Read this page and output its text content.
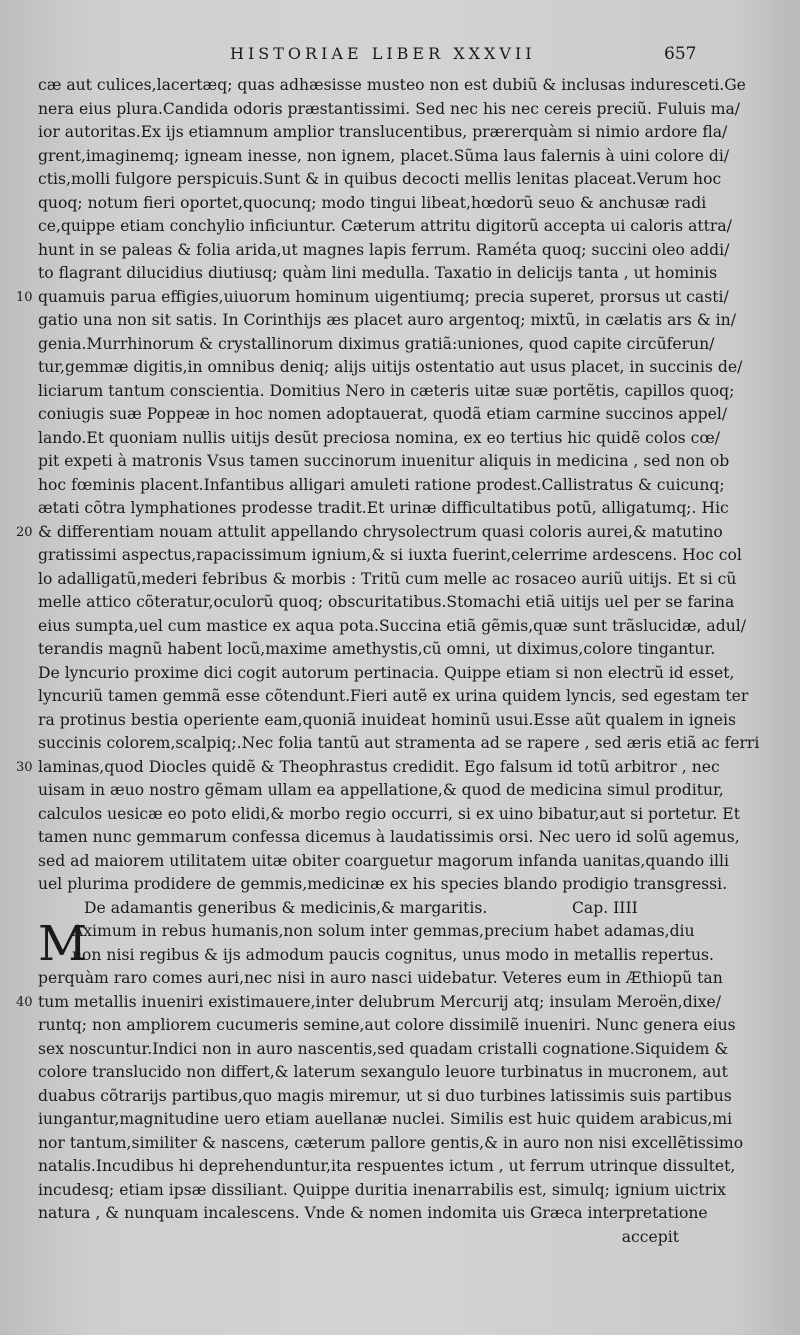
HISTORIAE LIBER XXXVII	657
cæ aut culices,lacertæq; quas adhæsisse musteo non est dubiũ & inclusas induresceti.Ge
nera eius plura.Candida odoris præstantissimi. Sed nec his nec cereis preciũ. Fuluis ma/
ior autoritas.Ex ijs etiamnum amplior translucentibus, prærerquàm si nimio ardore fla/
grent,imaginemq; igneam inesse, non ignem, placet.Sũma laus falernis à uini colore di/
ctis,molli fulgore perspicuis.Sunt & in quibus decocti mellis lenitas placeat.Verum hoc
quoq; notum fieri oportet,quocunq; modo tingui libeat,hœdorũ seuo & anchusæ radi
ce,quippe etiam conchylio inficiuntur. Cæterum attritu digitorũ accepta ui caloris attra/
hunt in se paleas & folia arida,ut magnes lapis ferrum. Raméta quoq; succini oleo addi/
to flagrant dilucidius diutiusq; quàm lini medulla. Taxatio in delicijs tanta , ut hominis
quamuis parua effigies,uiuorum hominum uigentiumq; precia superet, prorsus ut casti/
10
gatio una non sit satis. In Corinthijs æs placet auro argentoq; mixtũ, in cælatis ars & in/
genia.Murrhinorum & crystallinorum diximus gratiã:uniones, quod capite circũferun/
tur,gemmæ digitis,in omnibus deniq; alijs uitijs ostentatio aut usus placet, in succinis de/
liciarum tantum conscientia. Domitius Nero in cæteris uitæ suæ portẽtis, capillos quoq;
coniugis suæ Poppeæ in hoc nomen adoptauerat, quodã etiam carmine succinos appel/
lando.Et quoniam nullis uitijs desũt preciosa nomina, ex eo tertius hic quidẽ colos cœ/
pit expeti à matronis Vsus tamen succinorum inuenitur aliquis in medicina , sed non ob
hoc fœminis placent.Infantibus alligari amuleti ratione prodest.Callistratus & cuicunq;
ætati cõtra lymphationes prodesse tradit.Et urinæ difficultatibus potũ, alligatumq;. Hic
& differentiam nouam attulit appellando chrysolectrum quasi coloris aurei,& matutino
20
gratissimi aspectus,rapacissimum ignium,& si iuxta fuerint,celerrime ardescens. Hoc col
lo adalligatũ,mederi febribus & morbis : Tritũ cum melle ac rosaceo auriũ uitijs. Et si cũ
melle attico cõteratur,oculorũ quoq; obscuritatibus.Stomachi etiã uitijs uel per se farina
eius sumpta,uel cum mastice ex aqua pota.Succina etiã gẽmis,quæ sunt trãslucidæ, adul/
terandis magnũ habent locũ,maxime amethystis,cũ omni, ut diximus,colore tingantur.
De lyncurio proxime dici cogit autorum pertinacia. Quippe etiam si non electrũ id esset,
lyncuriũ tamen gemmã esse cõtendunt.Fieri autẽ ex urina quidem lyncis, sed egestam ter
ra protinus bestia operiente eam,quoniã inuideat hominũ usui.Esse aũt qualem in igneis
succinis colorem,scalpiq;.Nec folia tantũ aut stramenta ad se rapere , sed æris etiã ac ferri
laminas,quod Diocles quidẽ & Theophrastus credidit. Ego falsum id totũ arbitror , nec
30
uisam in æuo nostro gẽmam ullam ea appellatione,& quod de medicina simul proditur,
calculos uesicæ eo poto elidi,& morbo regio occurri, si ex uino bibatur,aut si portetur. Et
tamen nunc gemmarum confessa dicemus à laudatissimis orsi. Nec uero id solũ agemus,
sed ad maiorem utilitatem uitæ obiter coarguetur magorum infanda uanitas,quando illi
uel plurima prodidere de gemmis,medicinæ ex his species blando prodigio transgressi.
De adamantis generibus & medicinis,& margaritis.	Cap. IIII
M
Aximum in rebus humanis,non solum inter gemmas,precium habet adamas,diu
non nisi regibus & ijs admodum paucis cognitus, unus modo in metallis repertus.
perquàm raro comes auri,nec nisi in auro nasci uidebatur. Veteres eum in Æthiopũ tan
tum metallis inueniri existimauere,inter delubrum Mercurij atq; insulam Meroën,dixe/
40
runtq; non ampliorem cucumeris semine,aut colore dissimilẽ inueniri. Nunc genera eius
sex noscuntur.Indici non in auro nascentis,sed quadam cristalli cognatione.Siquidem &
colore translucido non differt,& laterum sexangulo leuore turbinatus in mucronem, aut
duabus cõtrarijs partibus,quo magis miremur, ut si duo turbines latissimis suis partibus
iungantur,magnitudine uero etiam auellanæ nuclei. Similis est huic quidem arabicus,mi
nor tantum,similiter & nascens, cæterum pallore gentis,& in auro non nisi excellẽtissimo
natalis.Incudibus hi deprehenduntur,ita respuentes ictum , ut ferrum utrinque dissultet,
incudesq; etiam ipsæ dissiliant. Quippe duritia inenarrabilis est, simulq; ignium uictrix
natura , & nunquam incalescens. Vnde & nomen indomita uis Græca interpretatione
accepit
